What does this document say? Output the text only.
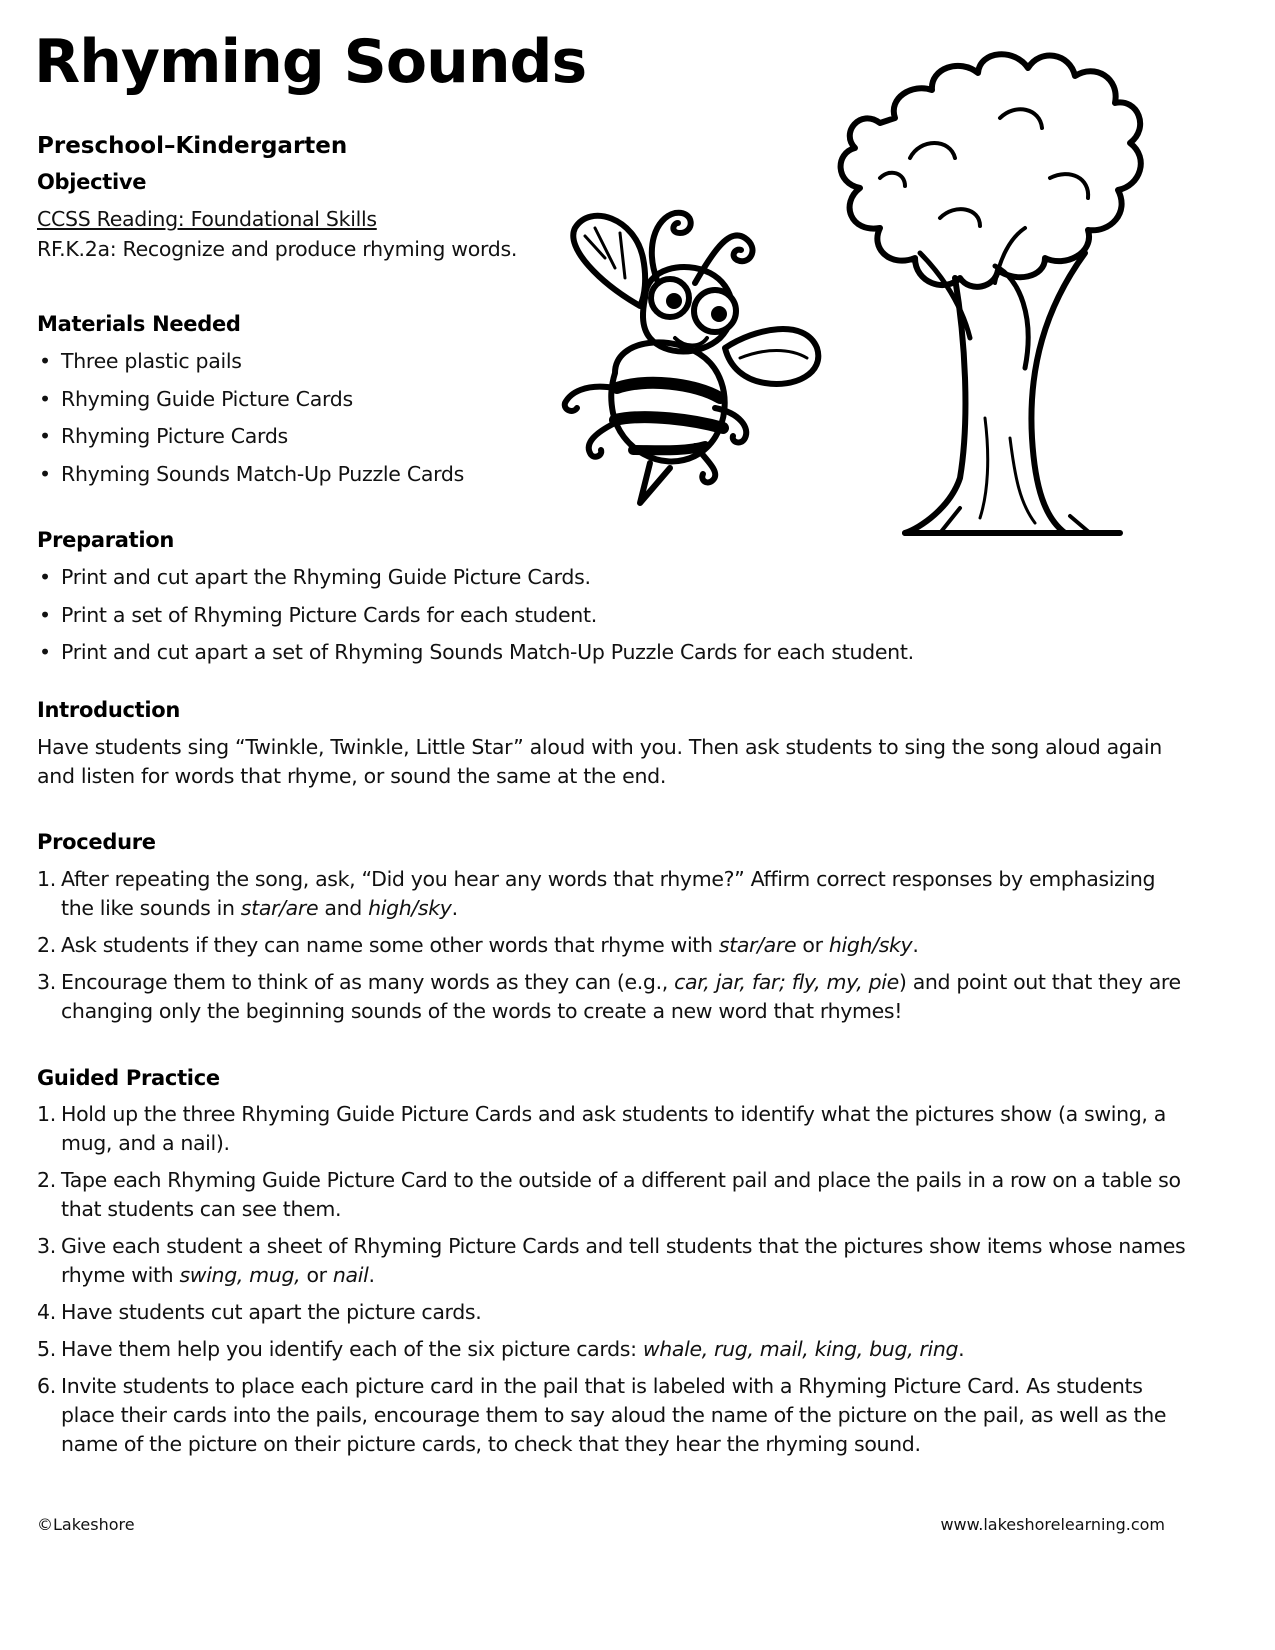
Rhyming Sounds
Preschool–Kindergarten
Objective
CCSS Reading: Foundational Skills
RF.K.2a: Recognize and produce rhyming words.
Materials Needed
• Three plastic pails
• Rhyming Guide Picture Cards
• Rhyming Picture Cards
• Rhyming Sounds Match-Up Puzzle Cards
Preparation
• Print and cut apart the Rhyming Guide Picture Cards.
• Print a set of Rhyming Picture Cards for each student.
• Print and cut apart a set of Rhyming Sounds Match-Up Puzzle Cards for each student.
Introduction
Have students sing “Twinkle, Twinkle, Little Star” aloud with you. Then ask students to sing the song aloud again
and listen for words that rhyme, or sound the same at the end.
Procedure
1. After repeating the song, ask, “Did you hear any words that rhyme?” Affirm correct responses by emphasizing the like sounds in star/are and high/sky.
2. Ask students if they can name some other words that rhyme with star/are or high/sky.
3. Encourage them to think of as many words as they can (e.g., car, jar, far; fly, my, pie) and point out that they are changing only the beginning sounds of the words to create a new word that rhymes!
Guided Practice
1. Hold up the three Rhyming Guide Picture Cards and ask students to identify what the pictures show (a swing, a mug, and a nail).
2. Tape each Rhyming Guide Picture Card to the outside of a different pail and place the pails in a row on a table so that students can see them.
3. Give each student a sheet of Rhyming Picture Cards and tell students that the pictures show items whose names rhyme with swing, mug, or nail.
4. Have students cut apart the picture cards.
5. Have them help you identify each of the six picture cards: whale, rug, mail, king, bug, ring.
6. Invite students to place each picture card in the pail that is labeled with a Rhyming Picture Card. As students place their cards into the pails, encourage them to say aloud the name of the picture on the pail, as well as the name of the picture on their picture cards, to check that they hear the rhyming sound.
©Lakeshore	www.lakeshorelearning.com
